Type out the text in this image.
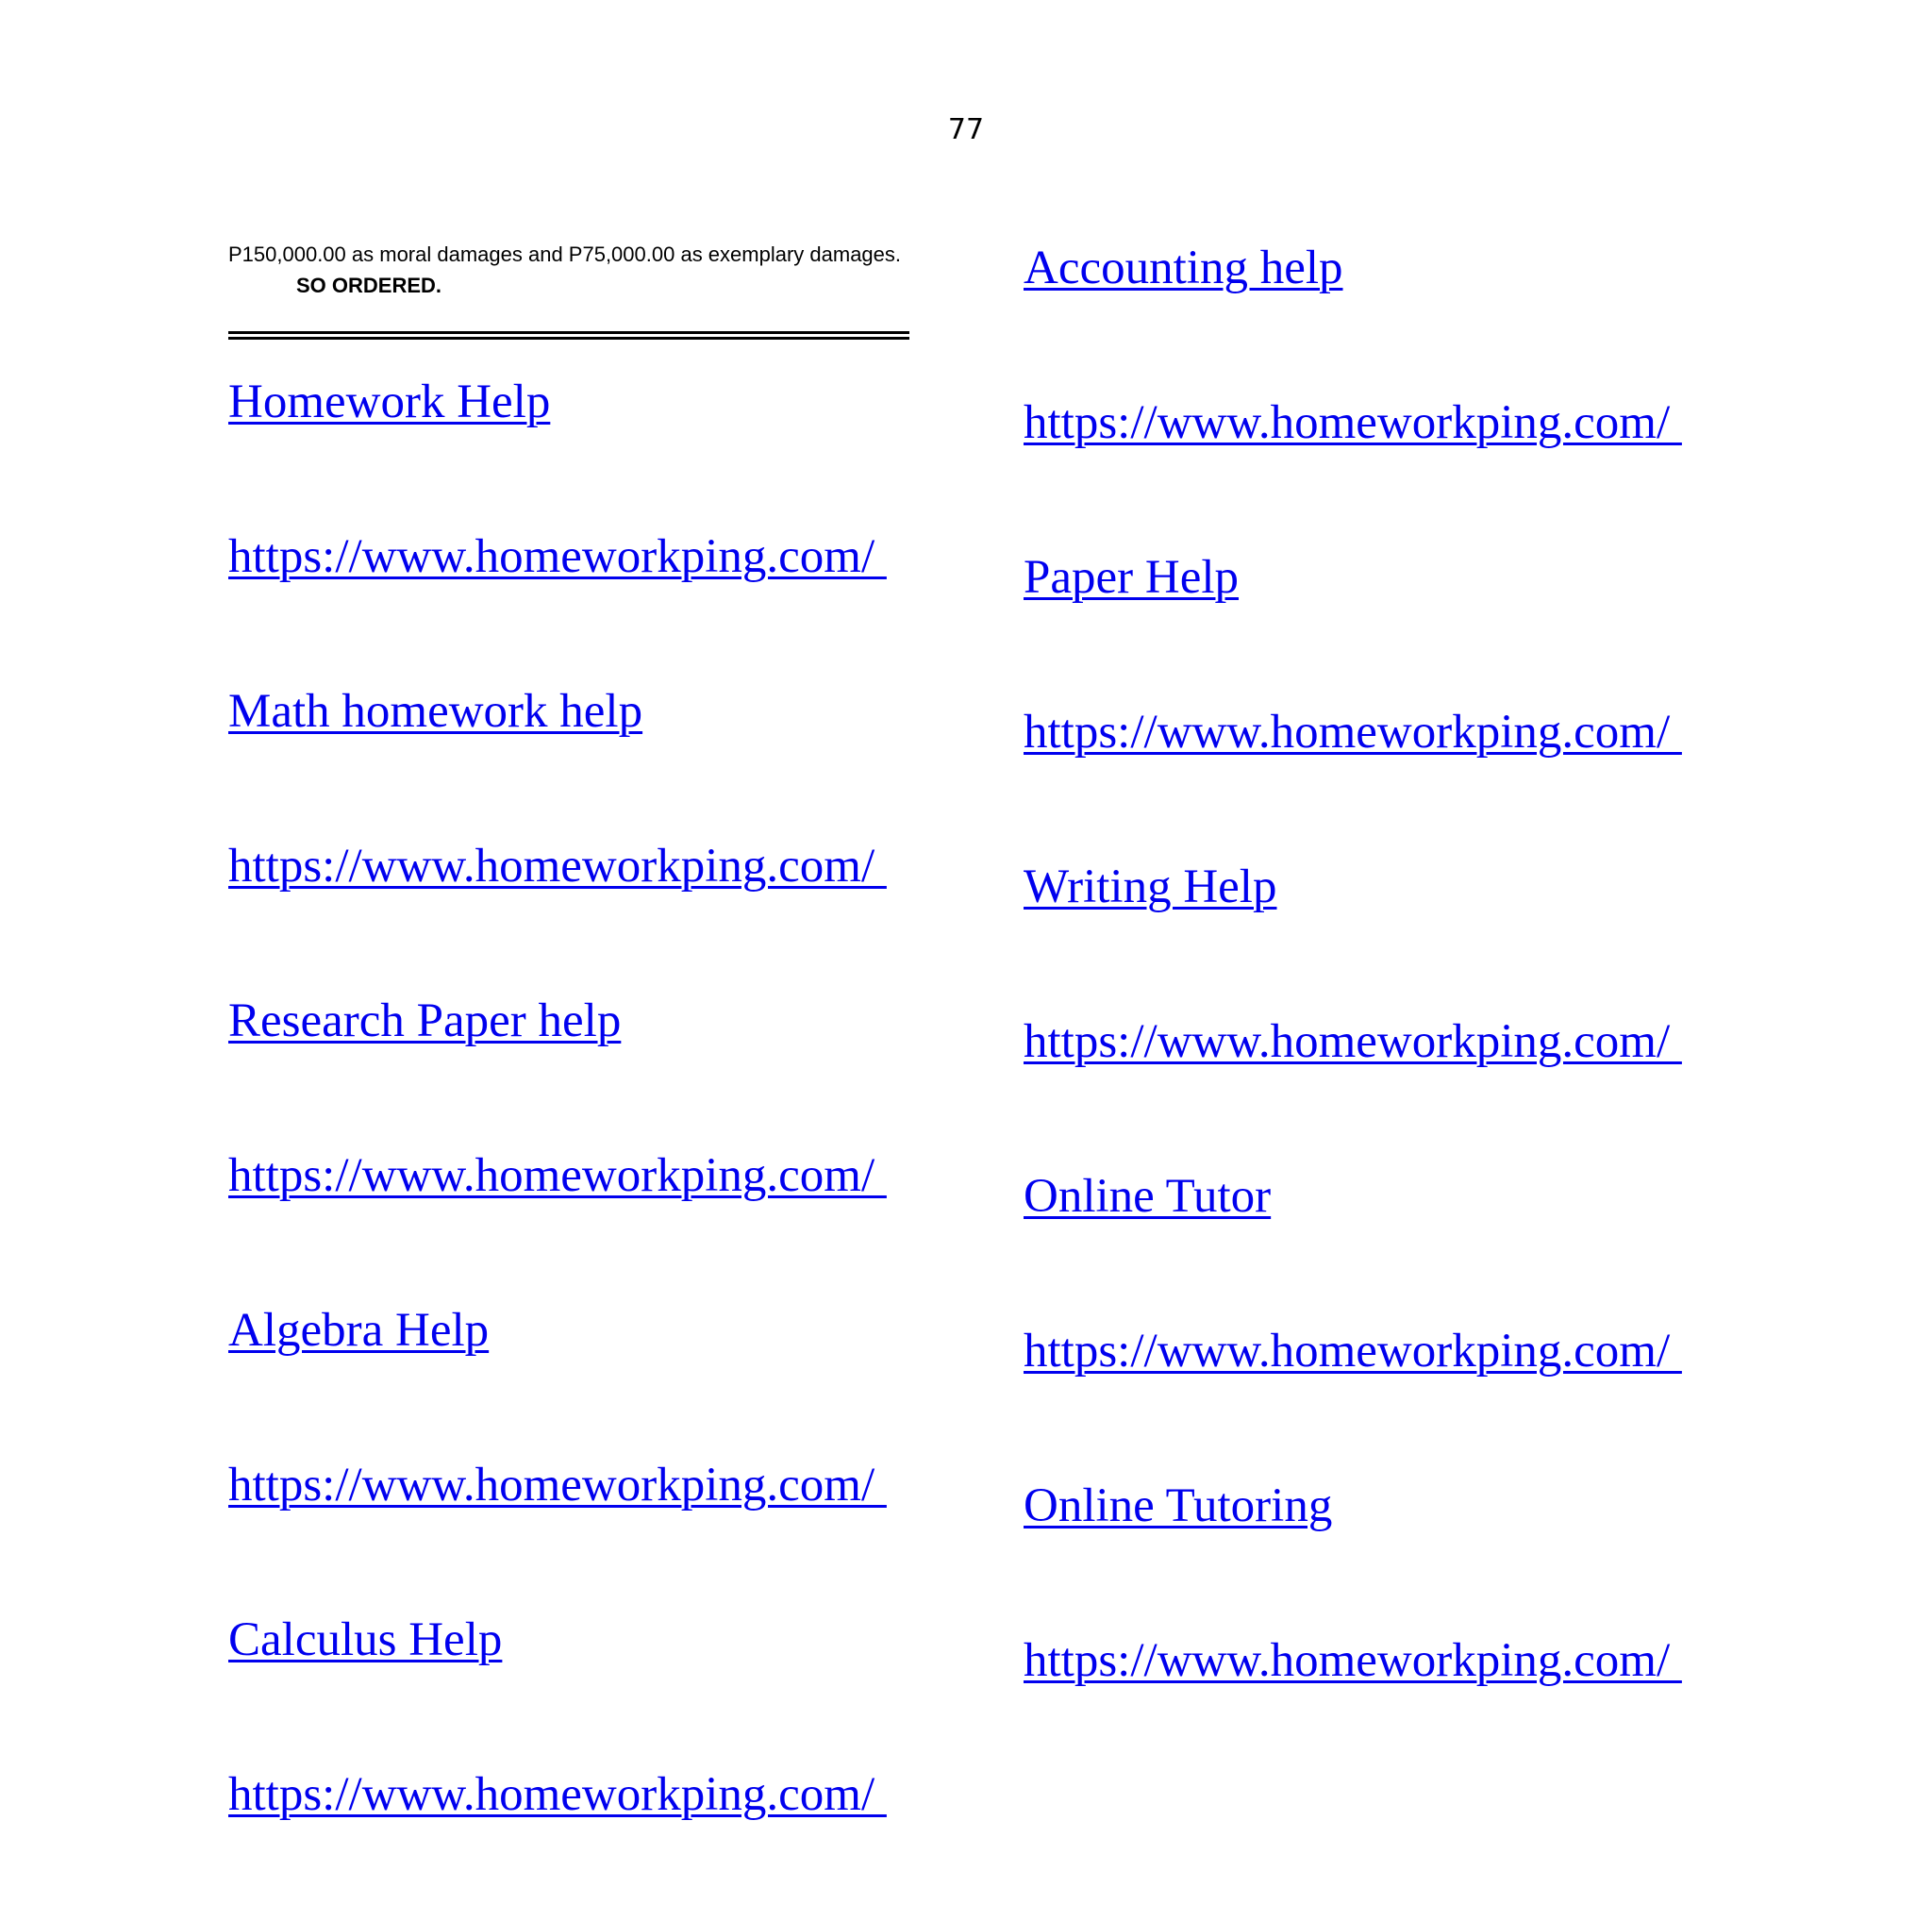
77

P150,000.00 as moral damages and P75,000.00 as exemplary damages.

SO ORDERED.

Homework Help
https://www.homeworkping.com/
Math homework help
https://www.homeworkping.com/
Research Paper help
https://www.homeworkping.com/
Algebra Help
https://www.homeworkping.com/
Calculus Help
https://www.homeworkping.com/
Accounting help
https://www.homeworkping.com/
Paper Help
https://www.homeworkping.com/
Writing Help
https://www.homeworkping.com/
Online Tutor
https://www.homeworkping.com/
Online Tutoring
https://www.homeworkping.com/
